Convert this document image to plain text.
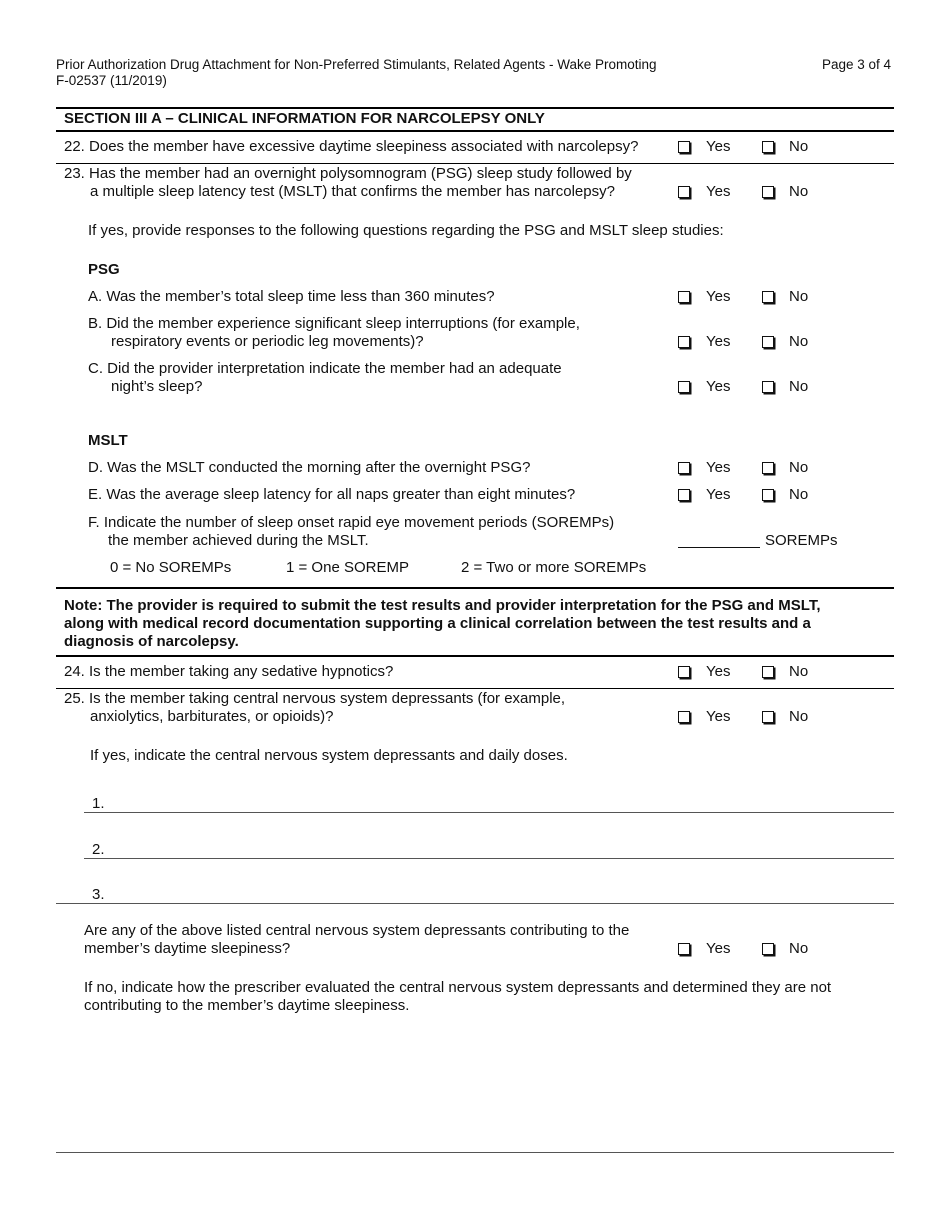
Prior Authorization Drug Attachment for Non-Preferred Stimulants, Related Agents - Wake Promoting
F-02537 (11/2019)
Page 3 of 4
SECTION III A – CLINICAL INFORMATION FOR NARCOLEPSY ONLY
22. Does the member have excessive daytime sleepiness associated with narcolepsy?	Yes	No
23. Has the member had an overnight polysomnogram (PSG) sleep study followed by
a multiple sleep latency test (MSLT) that confirms the member has narcolepsy?	Yes	No
If yes, provide responses to the following questions regarding the PSG and MSLT sleep studies:
PSG
A. Was the member’s total sleep time less than 360 minutes?	Yes	No
B. Did the member experience significant sleep interruptions (for example,
respiratory events or periodic leg movements)?	Yes	No
C. Did the provider interpretation indicate the member had an adequate
night’s sleep?	Yes	No
MSLT
D. Was the MSLT conducted the morning after the overnight PSG?	Yes	No
E. Was the average sleep latency for all naps greater than eight minutes?	Yes	No
F. Indicate the number of sleep onset rapid eye movement periods (SOREMPs)
the member achieved during the MSLT.	SOREMPs
0 = No SOREMPs	1 = One SOREMP	2 = Two or more SOREMPs
Note: The provider is required to submit the test results and provider interpretation for the PSG and MSLT, along with medical record documentation supporting a clinical correlation between the test results and a diagnosis of narcolepsy.
24. Is the member taking any sedative hypnotics?	Yes	No
25. Is the member taking central nervous system depressants (for example,
anxiolytics, barbiturates, or opioids)?	Yes	No
If yes, indicate the central nervous system depressants and daily doses.
1.
2.
3.
Are any of the above listed central nervous system depressants contributing to the
member’s daytime sleepiness?	Yes	No
If no, indicate how the prescriber evaluated the central nervous system depressants and determined they are not
contributing to the member’s daytime sleepiness.
